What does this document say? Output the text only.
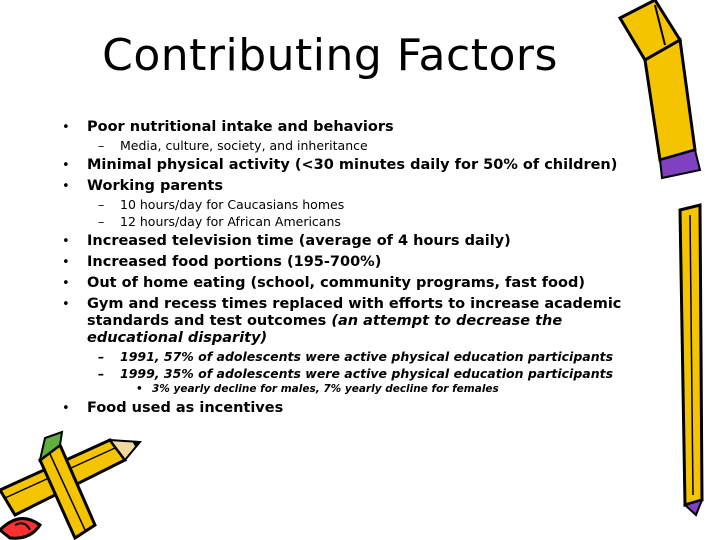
Contributing Factors
• Poor nutritional intake and behaviors
– Media, culture, society, and inheritance
• Minimal physical activity (<30 minutes daily for 50% of children)
• Working parents
– 10 hours/day for Caucasians homes
– 12 hours/day for African Americans
• Increased television time (average of 4 hours daily)
• Increased food portions (195-700%)
• Out of home eating (school, community programs, fast food)
• Gym and recess times replaced with efforts to increase academic standards and test outcomes (an attempt to decrease the educational disparity)
– 1991, 57% of adolescents were active physical education participants
– 1999, 35% of adolescents were active physical education participants
• 3% yearly decline for males, 7% yearly decline for females
• Food used as incentives
